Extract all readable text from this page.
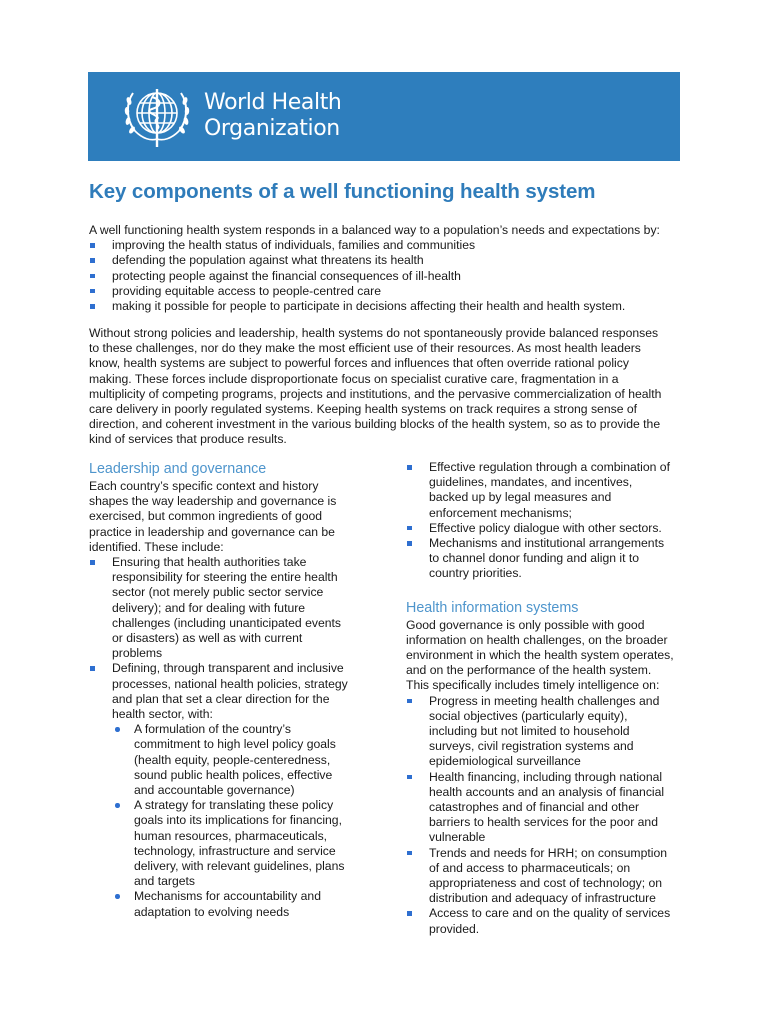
World Health
Organization
Key components of a well functioning health system
A well functioning health system responds in a balanced way to a population’s needs and expectations by:
improving the health status of individuals, families and communities
defending the population against what threatens its health
protecting people against the financial consequences of ill-health
providing equitable access to people-centred care
making it possible for people to participate in decisions affecting their health and health system.
Without strong policies and leadership, health systems do not spontaneously provide balanced responses
to these challenges, nor do they make the most efficient use of their resources. As most health leaders
know, health systems are subject to powerful forces and influences that often override rational policy
making. These forces include disproportionate focus on specialist curative care, fragmentation in a
multiplicity of competing programs, projects and institutions, and the pervasive commercialization of health
care delivery in poorly regulated systems. Keeping health systems on track requires a strong sense of
direction, and coherent investment in the various building blocks of the health system, so as to provide the
kind of services that produce results.
Leadership and governance
Each country’s specific context and history
shapes the way leadership and governance is
exercised, but common ingredients of good
practice in leadership and governance can be
identified. These include:
Ensuring that health authorities take
responsibility for steering the entire health
sector (not merely public sector service
delivery); and for dealing with future
challenges (including unanticipated events
or disasters) as well as with current
problems
Defining, through transparent and inclusive
processes, national health policies, strategy
and plan that set a clear direction for the
health sector, with:
A formulation of the country’s
commitment to high level policy goals
(health equity, people-centeredness,
sound public health polices, effective
and accountable governance)
A strategy for translating these policy
goals into its implications for financing,
human resources, pharmaceuticals,
technology, infrastructure and service
delivery, with relevant guidelines, plans
and targets
Mechanisms for accountability and
adaptation to evolving needs
Effective regulation through a combination of
guidelines, mandates, and incentives,
backed up by legal measures and
enforcement mechanisms;
Effective policy dialogue with other sectors.
Mechanisms and institutional arrangements
to channel donor funding and align it to
country priorities.
Health information systems
Good governance is only possible with good
information on health challenges, on the broader
environment in which the health system operates,
and on the performance of the health system.
This specifically includes timely intelligence on:
Progress in meeting health challenges and
social objectives (particularly equity),
including but not limited to household
surveys, civil registration systems and
epidemiological surveillance
Health financing, including through national
health accounts and an analysis of financial
catastrophes and of financial and other
barriers to health services for the poor and
vulnerable
Trends and needs for HRH; on consumption
of and access to pharmaceuticals; on
appropriateness and cost of technology; on
distribution and adequacy of infrastructure
Access to care and on the quality of services
provided.
